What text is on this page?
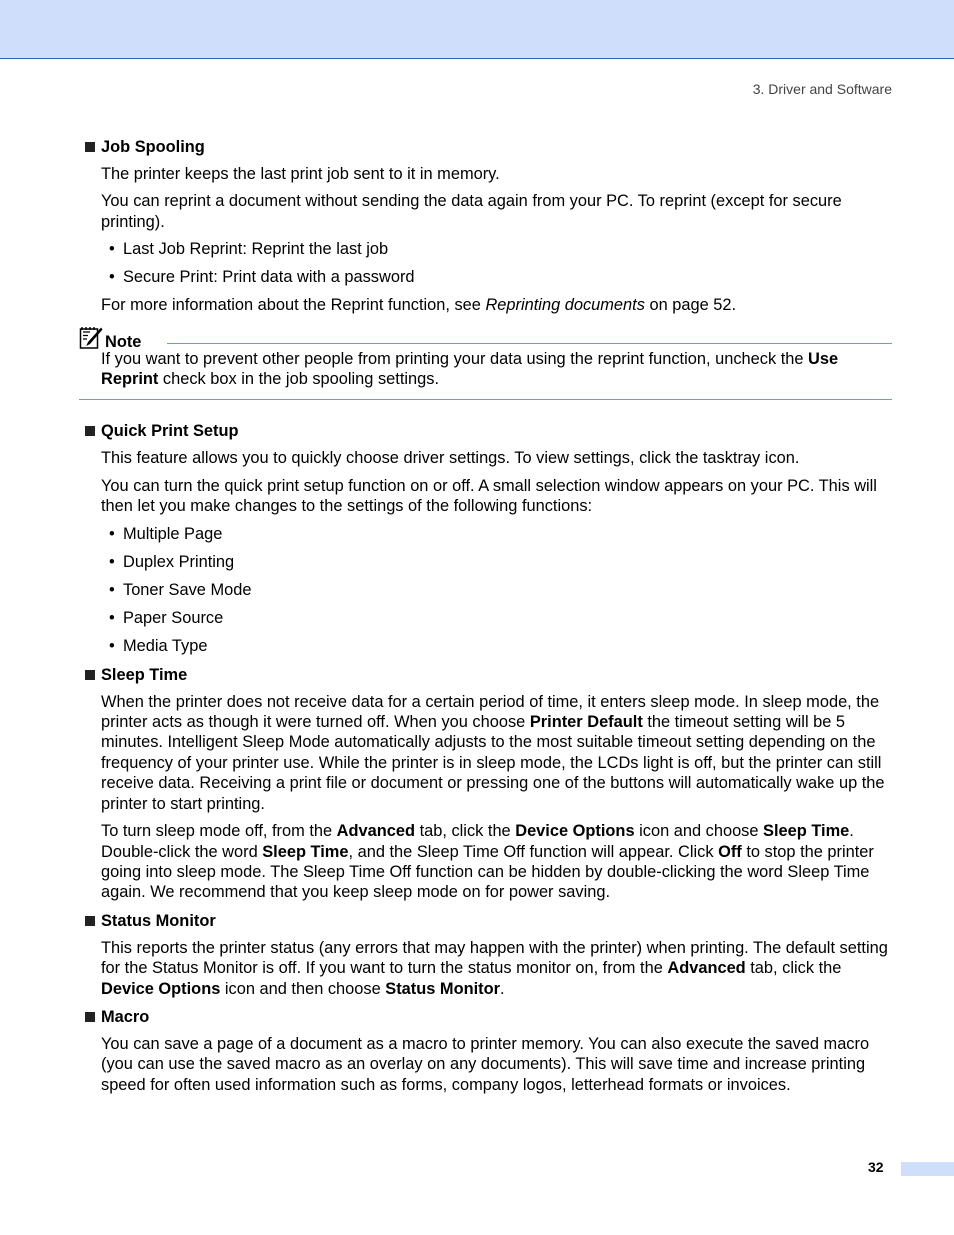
3. Driver and Software
Job Spooling
The printer keeps the last print job sent to it in memory.
You can reprint a document without sending the data again from your PC. To reprint (except for secure printing).
• Last Job Reprint: Reprint the last job
• Secure Print: Print data with a password
For more information about the Reprint function, see Reprinting documents on page 52.
Note
If you want to prevent other people from printing your data using the reprint function, uncheck the Use Reprint check box in the job spooling settings.
Quick Print Setup
This feature allows you to quickly choose driver settings. To view settings, click the tasktray icon.
You can turn the quick print setup function on or off. A small selection window appears on your PC. This will then let you make changes to the settings of the following functions:
• Multiple Page
• Duplex Printing
• Toner Save Mode
• Paper Source
• Media Type
Sleep Time
When the printer does not receive data for a certain period of time, it enters sleep mode. In sleep mode, the printer acts as though it were turned off. When you choose Printer Default the timeout setting will be 5 minutes. Intelligent Sleep Mode automatically adjusts to the most suitable timeout setting depending on the frequency of your printer use. While the printer is in sleep mode, the LCDs light is off, but the printer can still receive data. Receiving a print file or document or pressing one of the buttons will automatically wake up the printer to start printing.
To turn sleep mode off, from the Advanced tab, click the Device Options icon and choose Sleep Time. Double-click the word Sleep Time, and the Sleep Time Off function will appear. Click Off to stop the printer going into sleep mode. The Sleep Time Off function can be hidden by double-clicking the word Sleep Time again. We recommend that you keep sleep mode on for power saving.
Status Monitor
This reports the printer status (any errors that may happen with the printer) when printing. The default setting for the Status Monitor is off. If you want to turn the status monitor on, from the Advanced tab, click the Device Options icon and then choose Status Monitor.
Macro
You can save a page of a document as a macro to printer memory. You can also execute the saved macro (you can use the saved macro as an overlay on any documents). This will save time and increase printing speed for often used information such as forms, company logos, letterhead formats or invoices.
32
